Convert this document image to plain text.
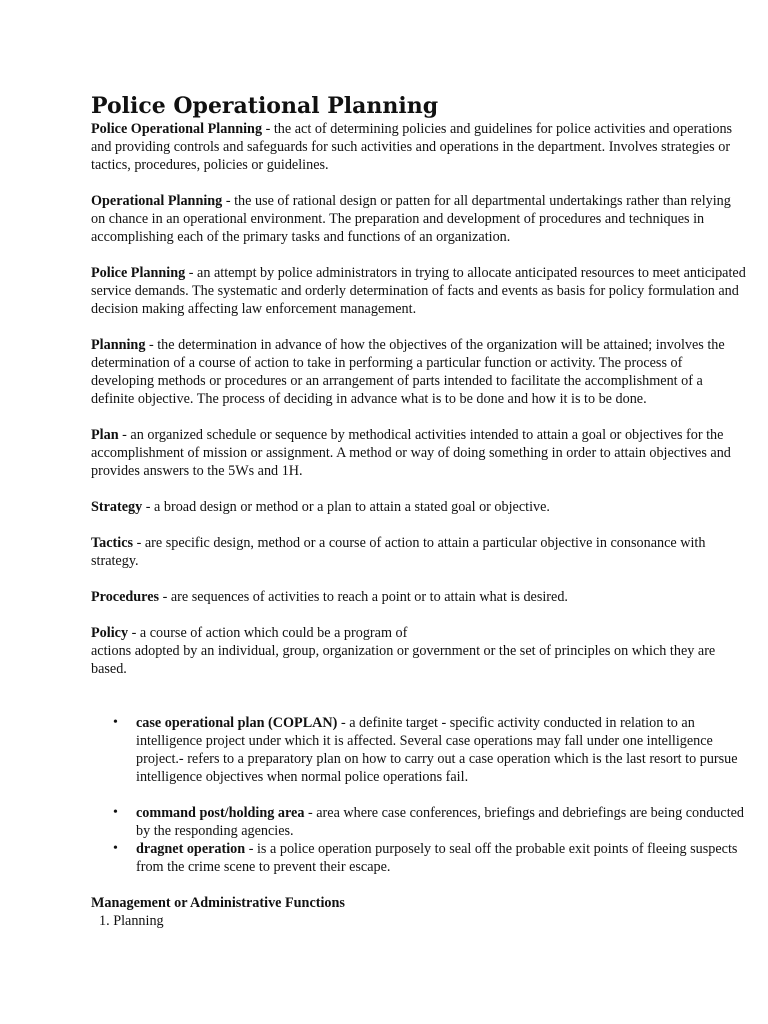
Police Operational Planning

Police Operational Planning - the act of determining policies and guidelines for police activities and operations
and providing controls and safeguards for such activities and operations in the department. Involves strategies or
tactics, procedures, policies or guidelines.

Operational Planning - the use of rational design or patten for all departmental undertakings rather than relying
on chance in an operational environment. The preparation and development of procedures and techniques in
accomplishing each of the primary tasks and functions of an organization.

Police Planning - an attempt by police administrators in trying to allocate anticipated resources to meet anticipated
service demands. The systematic and orderly determination of facts and events as basis for policy formulation and
decision making affecting law enforcement management.

Planning - the determination in advance of how the objectives of the organization will be attained; involves the
determination of a course of action to take in performing a particular function or activity. The process of
developing methods or procedures or an arrangement of parts intended to facilitate the accomplishment of a
definite objective. The process of deciding in advance what is to be done and how it is to be done.

Plan - an organized schedule or sequence by methodical activities intended to attain a goal or objectives for the
accomplishment of mission or assignment. A method or way of doing something in order to attain objectives and
provides answers to the 5Ws and 1H.

Strategy - a broad design or method or a plan to attain a stated goal or objective.

Tactics - are specific design, method or a course of action to attain a particular objective in consonance with
strategy.

Procedures - are sequences of activities to reach a point or to attain what is desired.

Policy - a course of action which could be a program of
actions adopted by an individual, group, organization or government or the set of principles on which they are
based.

• case operational plan (COPLAN) - a definite target - specific activity conducted in relation to an
intelligence project under which it is affected. Several case operations may fall under one intelligence
project.- refers to a preparatory plan on how to carry out a case operation which is the last resort to pursue
intelligence objectives when normal police operations fail.
• command post/holding area - area where case conferences, briefings and debriefings are being conducted
by the responding agencies.
• dragnet operation - is a police operation purposely to seal off the probable exit points of fleeing suspects
from the crime scene to prevent their escape.

Management or Administrative Functions

1. Planning
